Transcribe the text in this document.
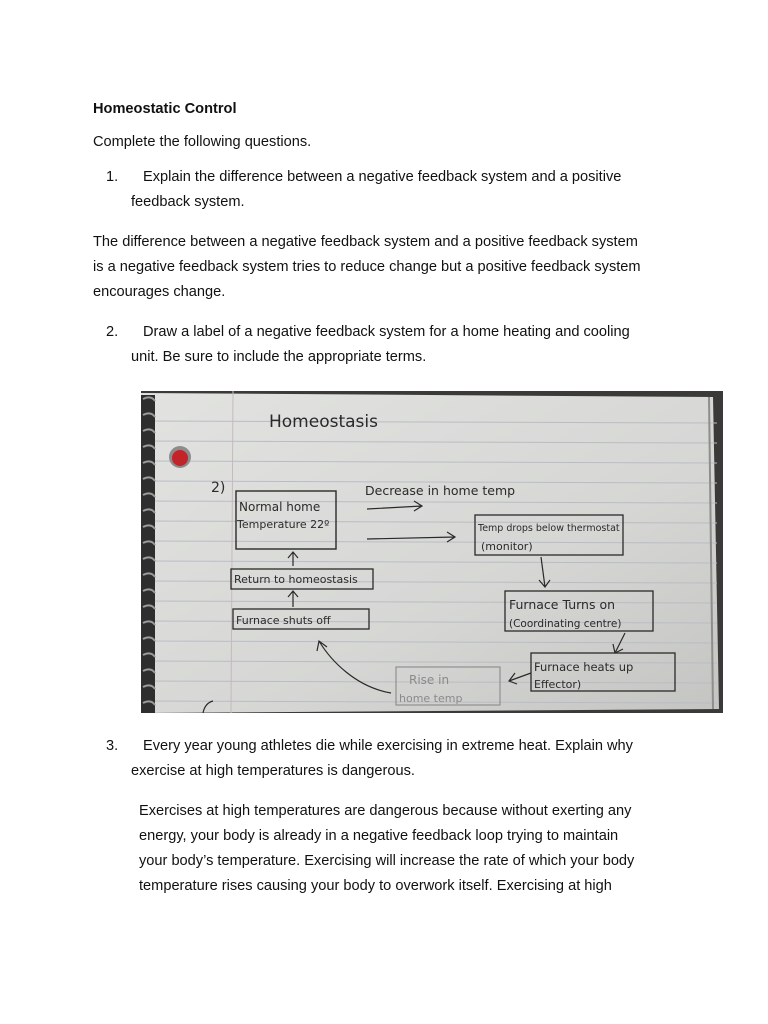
Homeostatic Control
Complete the following questions.
1. Explain the difference between a negative feedback system and a positive
feedback system.
The difference between a negative feedback system and a positive feedback system
is a negative feedback system tries to reduce change but a positive feedback system
encourages change.
2. Draw a label of a negative feedback system for a home heating and cooling
unit. Be sure to include the appropriate terms.
Homeostasis
2)
Normal home
Temperature 22º
Decrease in home temp
Temp drops below thermostat
(monitor)
Return to homeostasis
Furnace shuts off
Furnace Turns on
(Coordinating centre)
Furnace heats up
Effector)
Rise in
home temp
3. Every year young athletes die while exercising in extreme heat. Explain why
exercise at high temperatures is dangerous.
Exercises at high temperatures are dangerous because without exerting any
energy, your body is already in a negative feedback loop trying to maintain
your body’s temperature. Exercising will increase the rate of which your body
temperature rises causing your body to overwork itself. Exercising at high
